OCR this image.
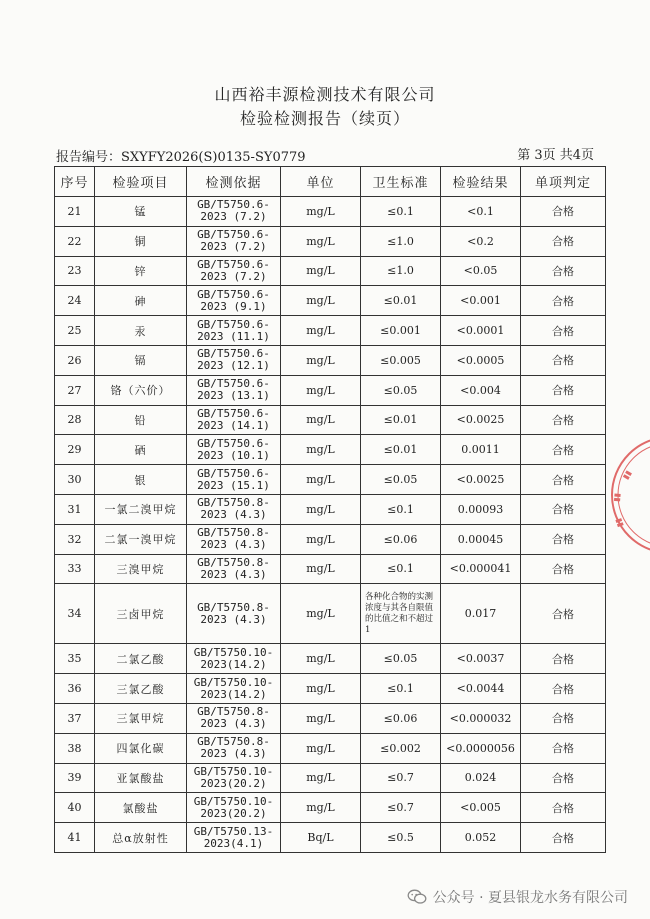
山西裕丰源检测技术有限公司
检验检测报告（续页）
报告编号：SXYFY2026(S)0135-SY0779	第 3页 共4页
序号	检验项目	检测依据	单位	卫生标准	检验结果	单项判定
21	锰	GB/T5750.6-2023 (7.2)	mg/L	≤0.1	<0.1	合格
22	铜	GB/T5750.6-2023 (7.2)	mg/L	≤1.0	<0.2	合格
23	锌	GB/T5750.6-2023 (7.2)	mg/L	≤1.0	<0.05	合格
24	砷	GB/T5750.6-2023 (9.1)	mg/L	≤0.01	<0.001	合格
25	汞	GB/T5750.6-2023 (11.1)	mg/L	≤0.001	<0.0001	合格
26	镉	GB/T5750.6-2023 (12.1)	mg/L	≤0.005	<0.0005	合格
27	铬（六价）	GB/T5750.6-2023 (13.1)	mg/L	≤0.05	<0.004	合格
28	铅	GB/T5750.6-2023 (14.1)	mg/L	≤0.01	<0.0025	合格
29	硒	GB/T5750.6-2023 (10.1)	mg/L	≤0.01	0.0011	合格
30	银	GB/T5750.6-2023 (15.1)	mg/L	≤0.05	<0.0025	合格
31	一氯二溴甲烷	GB/T5750.8-2023 (4.3)	mg/L	≤0.1	0.00093	合格
32	二氯一溴甲烷	GB/T5750.8-2023 (4.3)	mg/L	≤0.06	0.00045	合格
33	三溴甲烷	GB/T5750.8-2023 (4.3)	mg/L	≤0.1	<0.000041	合格
34	三卤甲烷	GB/T5750.8-2023 (4.3)	mg/L	各种化合物的实测浓度与其各自限值的比值之和不超过1	0.017	合格
35	二氯乙酸	GB/T5750.10-2023(14.2)	mg/L	≤0.05	<0.0037	合格
36	三氯乙酸	GB/T5750.10-2023(14.2)	mg/L	≤0.1	<0.0044	合格
37	三氯甲烷	GB/T5750.8-2023 (4.3)	mg/L	≤0.06	<0.000032	合格
38	四氯化碳	GB/T5750.8-2023 (4.3)	mg/L	≤0.002	<0.0000056	合格
39	亚氯酸盐	GB/T5750.10-2023(20.2)	mg/L	≤0.7	0.024	合格
40	氯酸盐	GB/T5750.10-2023(20.2)	mg/L	≤0.7	<0.005	合格
41	总α放射性	GB/T5750.13-2023(4.1)	Bq/L	≤0.5	0.052	合格
▮▮
▮▮
▮▮
公众号 · 夏县银龙水务有限公司
